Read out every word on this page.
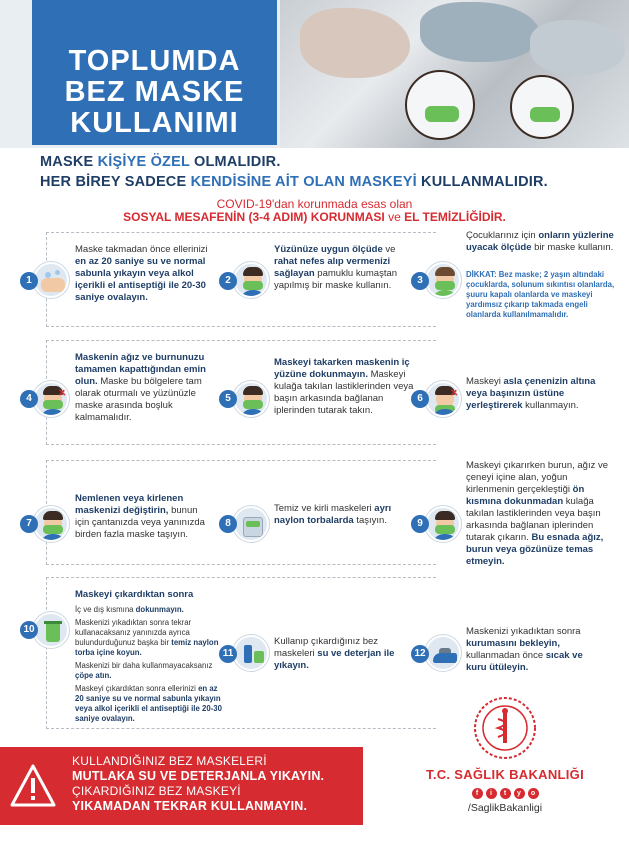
TOPLUMDA
BEZ MASKE
KULLANIMI
MASKE KİŞİYE ÖZEL OLMALIDIR.
HER BİREY SADECE KENDİSİNE AİT OLAN MASKEYİ KULLANMALIDIR.
COVID-19'dan korunmada esas olan
SOSYAL MESAFENİN (3-4 ADIM) KORUNMASI ve EL TEMİZLİĞİDİR.
1
Maske takmadan önce ellerinizi en az 20 saniye su ve normal sabunla yıkayın veya alkol içerikli el antiseptiği ile 20-30 saniye ovalayın.
2
Yüzünüze uygun ölçüde ve rahat nefes alıp vermenizi sağlayan pamuklu kumaştan yapılmış bir maske kullanın.	3
Çocuklarınız için onların yüzlerine uyacak ölçüde bir maske kullanın.
DİKKAT: Bez maske; 2 yaşın altındaki çocuklarda, solunum sıkıntısı olanlarda, şuuru kapalı olanlarda ve maskeyi yardımsız çıkarıp takmada engeli olanlarda kullanılmamalıdır.
✕
4
Maskenin ağız ve burnunuzu tamamen kapattığından emin olun. Maske bu bölgelere tam olarak oturmalı ve yüzünüzle maske arasında boşluk kalmamalıdır.
5
Maskeyi takarken maskenin iç yüzüne dokunmayın. Maskeyi kulağa takılan lastiklerinden veya başın arkasında bağlanan iplerinden tutarak takın.
✕
6
Maskeyi asla çenenizin altına veya başınızın üstüne yerleştirerek kullanmayın.
7
Nemlenen veya kirlenen maskenizi değiştirin, bunun için çantanızda veya yanınızda birden fazla maske taşıyın.
8
Temiz ve kirli maskeleri ayrı naylon torbalarda taşıyın.	9
Maskeyi çıkarırken burun, ağız ve çeneyi içine alan, yoğun kirlenmenin gerçekleştiği ön kısmına dokunmadan kulağa takılan lastiklerinden veya başın arkasında bağlanan iplerinden tutarak çıkarın. Bu esnada ağız, burun veya gözünüze temas etmeyin.
10
Maskeyi çıkardıktan sonra
İç ve dış kısmına dokunmayın.
Maskenizi yıkadıktan sonra tekrar kullanacaksanız yanınızda ayrıca bulundurduğunuz başka bir temiz naylon torba içine koyun.
Maskenizi bir daha kullanmayacaksanız çöpe atın.
Maskeyi çıkardıktan sonra ellerinizi en az 20 saniye su ve normal sabunla yıkayın veya alkol içerikli el antiseptiği ile 20-30 saniye ovalayın.
11
Kullanıp çıkardığınız bez maskeleri su ve deterjan ile yıkayın.
12
Maskenizi yıkadıktan sonra kurumasını bekleyin, kullanmadan önce sıcak ve kuru ütüleyin.
KULLANDIĞINIZ BEZ MASKELERİ
MUTLAKA SU VE DETERJANLA YIKAYIN.
ÇIKARDIĞINIZ BEZ MASKEYİ
YIKAMADAN TEKRAR KULLANMAYIN.
T.C. SAĞLIK BAKANLIĞI
f	i	t	y	o
/SaglikBakanligi
